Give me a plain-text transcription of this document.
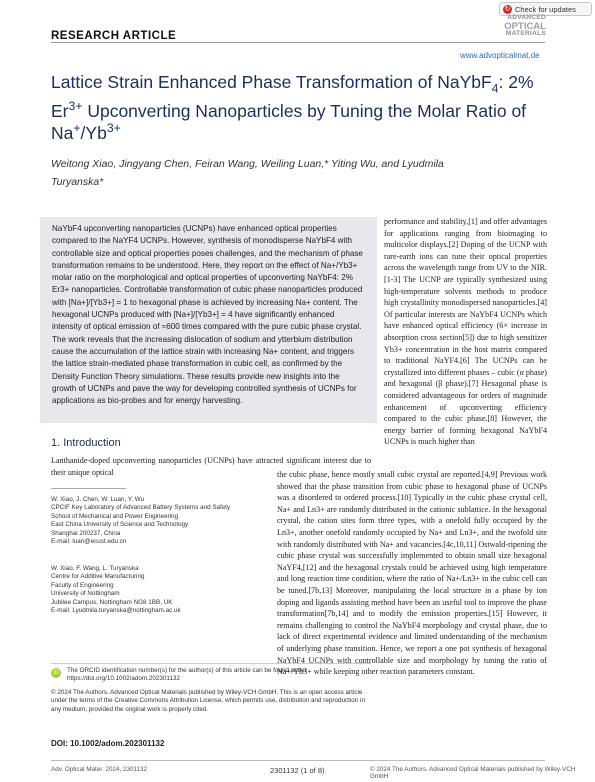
↻ Check for updates
RESEARCH ARTICLE
ADVANCED
OPTICAL
MATERIALS
www.advopticalmat.de
Lattice Strain Enhanced Phase Transformation of NaYbF$_4$: 2% $Er^{3+}$ Upconverting Nanoparticles by Tuning the Molar Ratio of $Na^+/Yb^{3+}$
Weitong Xiao, Jingyang Chen, Feiran Wang, Weiling Luan,* Yiting Wu, and Lyudmila Turyanska*
NaYbF4 upconverting nanoparticles (UCNPs) have enhanced optical properties compared to the NaYF4 UCNPs. However, synthesis of monodisperse NaYbF4 with controllable size and optical properties poses challenges, and the mechanism of phase transformation remains to be understood. Here, they report on the effect of Na+/Yb3+ molar ratio on the morphological and optical properties of upconverting NaYbF4: 2% Er3+ nanoparticles. Controllable transformation of cubic phase nanoparticles produced with [Na+]/[Yb3+] = 1 to hexagonal phase is achieved by increasing Na+ content. The hexagonal UCNPs produced with [Na+]/[Yb3+] = 4 have significantly enhanced intensity of optical emission of ≈600 times compared with the pure cubic phase crystal. The work reveals that the increasing dislocation of sodium and ytterbium distribution cause the accumulation of the lattice strain with increasing Na+ content, and triggers the lattice strain-mediated phase transformation in cubic cell, as confirmed by the Density Function Theory simulations. These results provide new insights into the growth of UCNPs and pave the way for developing controlled synthesis of UCNPs for applications as bio-probes and for energy harvesting.
1. Introduction
Lanthanide-doped upconverting nanoparticles (UCNPs) have attracted significant interest due to their unique optical
W. Xiao, J. Chen, W. Luan, Y. Wu
CPCIF Key Laboratory of Advanced Battery Systems and Safety
School of Mechanical and Power Engineering
East China University of Science and Technology
Shanghai 200237, China
E-mail: luan@ecust.edu.cn
W. Xiao, F. Wang, L. Turyanska
Centre for Additive Manufacturing
Faculty of Engineering
University of Nottingham
Jubilee Campus, Nottingham NG8 1BB, UK
E-mail: Lyudmila.turyanska@nottingham.ac.uk
iD	The ORCID identification number(s) for the author(s) of this article can be found under https://doi.org/10.1002/adom.202301132
© 2024 The Authors. Advanced Optical Materials published by Wiley-VCH GmbH. This is an open access article under the terms of the Creative Commons Attribution License, which permits use, distribution and reproduction in any medium, provided the original work is properly cited.
DOI: 10.1002/adom.202301132
performance and stability,[1] and offer advantages for applications ranging from bioimaging to multicolor displays.[2] Doping of the UCNP with rare-earth ions can tune their optical properties across the wavelength range from UV to the NIR.[1-3] The UCNP are typically synthesized using high-temperature solvents methods to produce high crystallinity monodispersed nanoparticles.[4] Of particular interests are NaYbF4 UCNPs which have enhanced optical efficiency (6× increase in absorption cross section[5]) due to high sensitizer Yb3+ concentration in the host matrix compared to traditional NaYF4.[6] The UCNPs can be crystallized into different phases – cubic (α phase) and hexagonal (β phase).[7] Hexagonal phase is considered advantageous for orders of magnitude enhancement of upconverting efficiency compared to the cubic phase.[8] However, the energy barrier of forming hexagonal NaYbF4 UCNPs is much higher than
the cubic phase, hence mostly small cubic crystal are reported.[4,9] Previous work showed that the phase transition from cubic phase to hexagonal phase of UCNPs was a disordered to ordered process.[10] Typically in the cubic phase crystal cell, Na+ and Ln3+ are randomly distributed in the cationic sublattice. In the hexagonal crystal, the cation sites form three types, with a onefold fully occupied by the Ln3+, another onefold randomly occupied by Na+ and Ln3+, and the twofold site with randomly distributed with Na+ and vacancies.[4c,10,11] Ostwald-ripening the cubic phase crystal was successfully implemented to obtain small size hexagonal NaYF4,[12] and the hexagonal crystals could be achieved using high temperature and long reaction time condition, where the ratio of Na+/Ln3+ in the cubic cell can be tuned.[7b,13] Moreover, manipulating the local structure in a phase by ion doping and ligands assisting method have been an useful tool to improve the phase transformation[7b,14] and to modify the emission properties.[15] However, it remains challenging to control the NaYbF4 morphology and crystal phase, due to lack of direct experimental evidence and limited understanding of the mechanism of underlying phase transition. Hence, we report a one pot synthesis of hexagonal NaYbF4 UCNPs with controllable size and morphology by tuning the ratio of Na+/Yb3+ while keeping other reaction parameters constant.
Adv. Optical Mater. 2024, 2301132	2301132 (1 of 8)	© 2024 The Authors. Advanced Optical Materials published by Wiley-VCH GmbH
